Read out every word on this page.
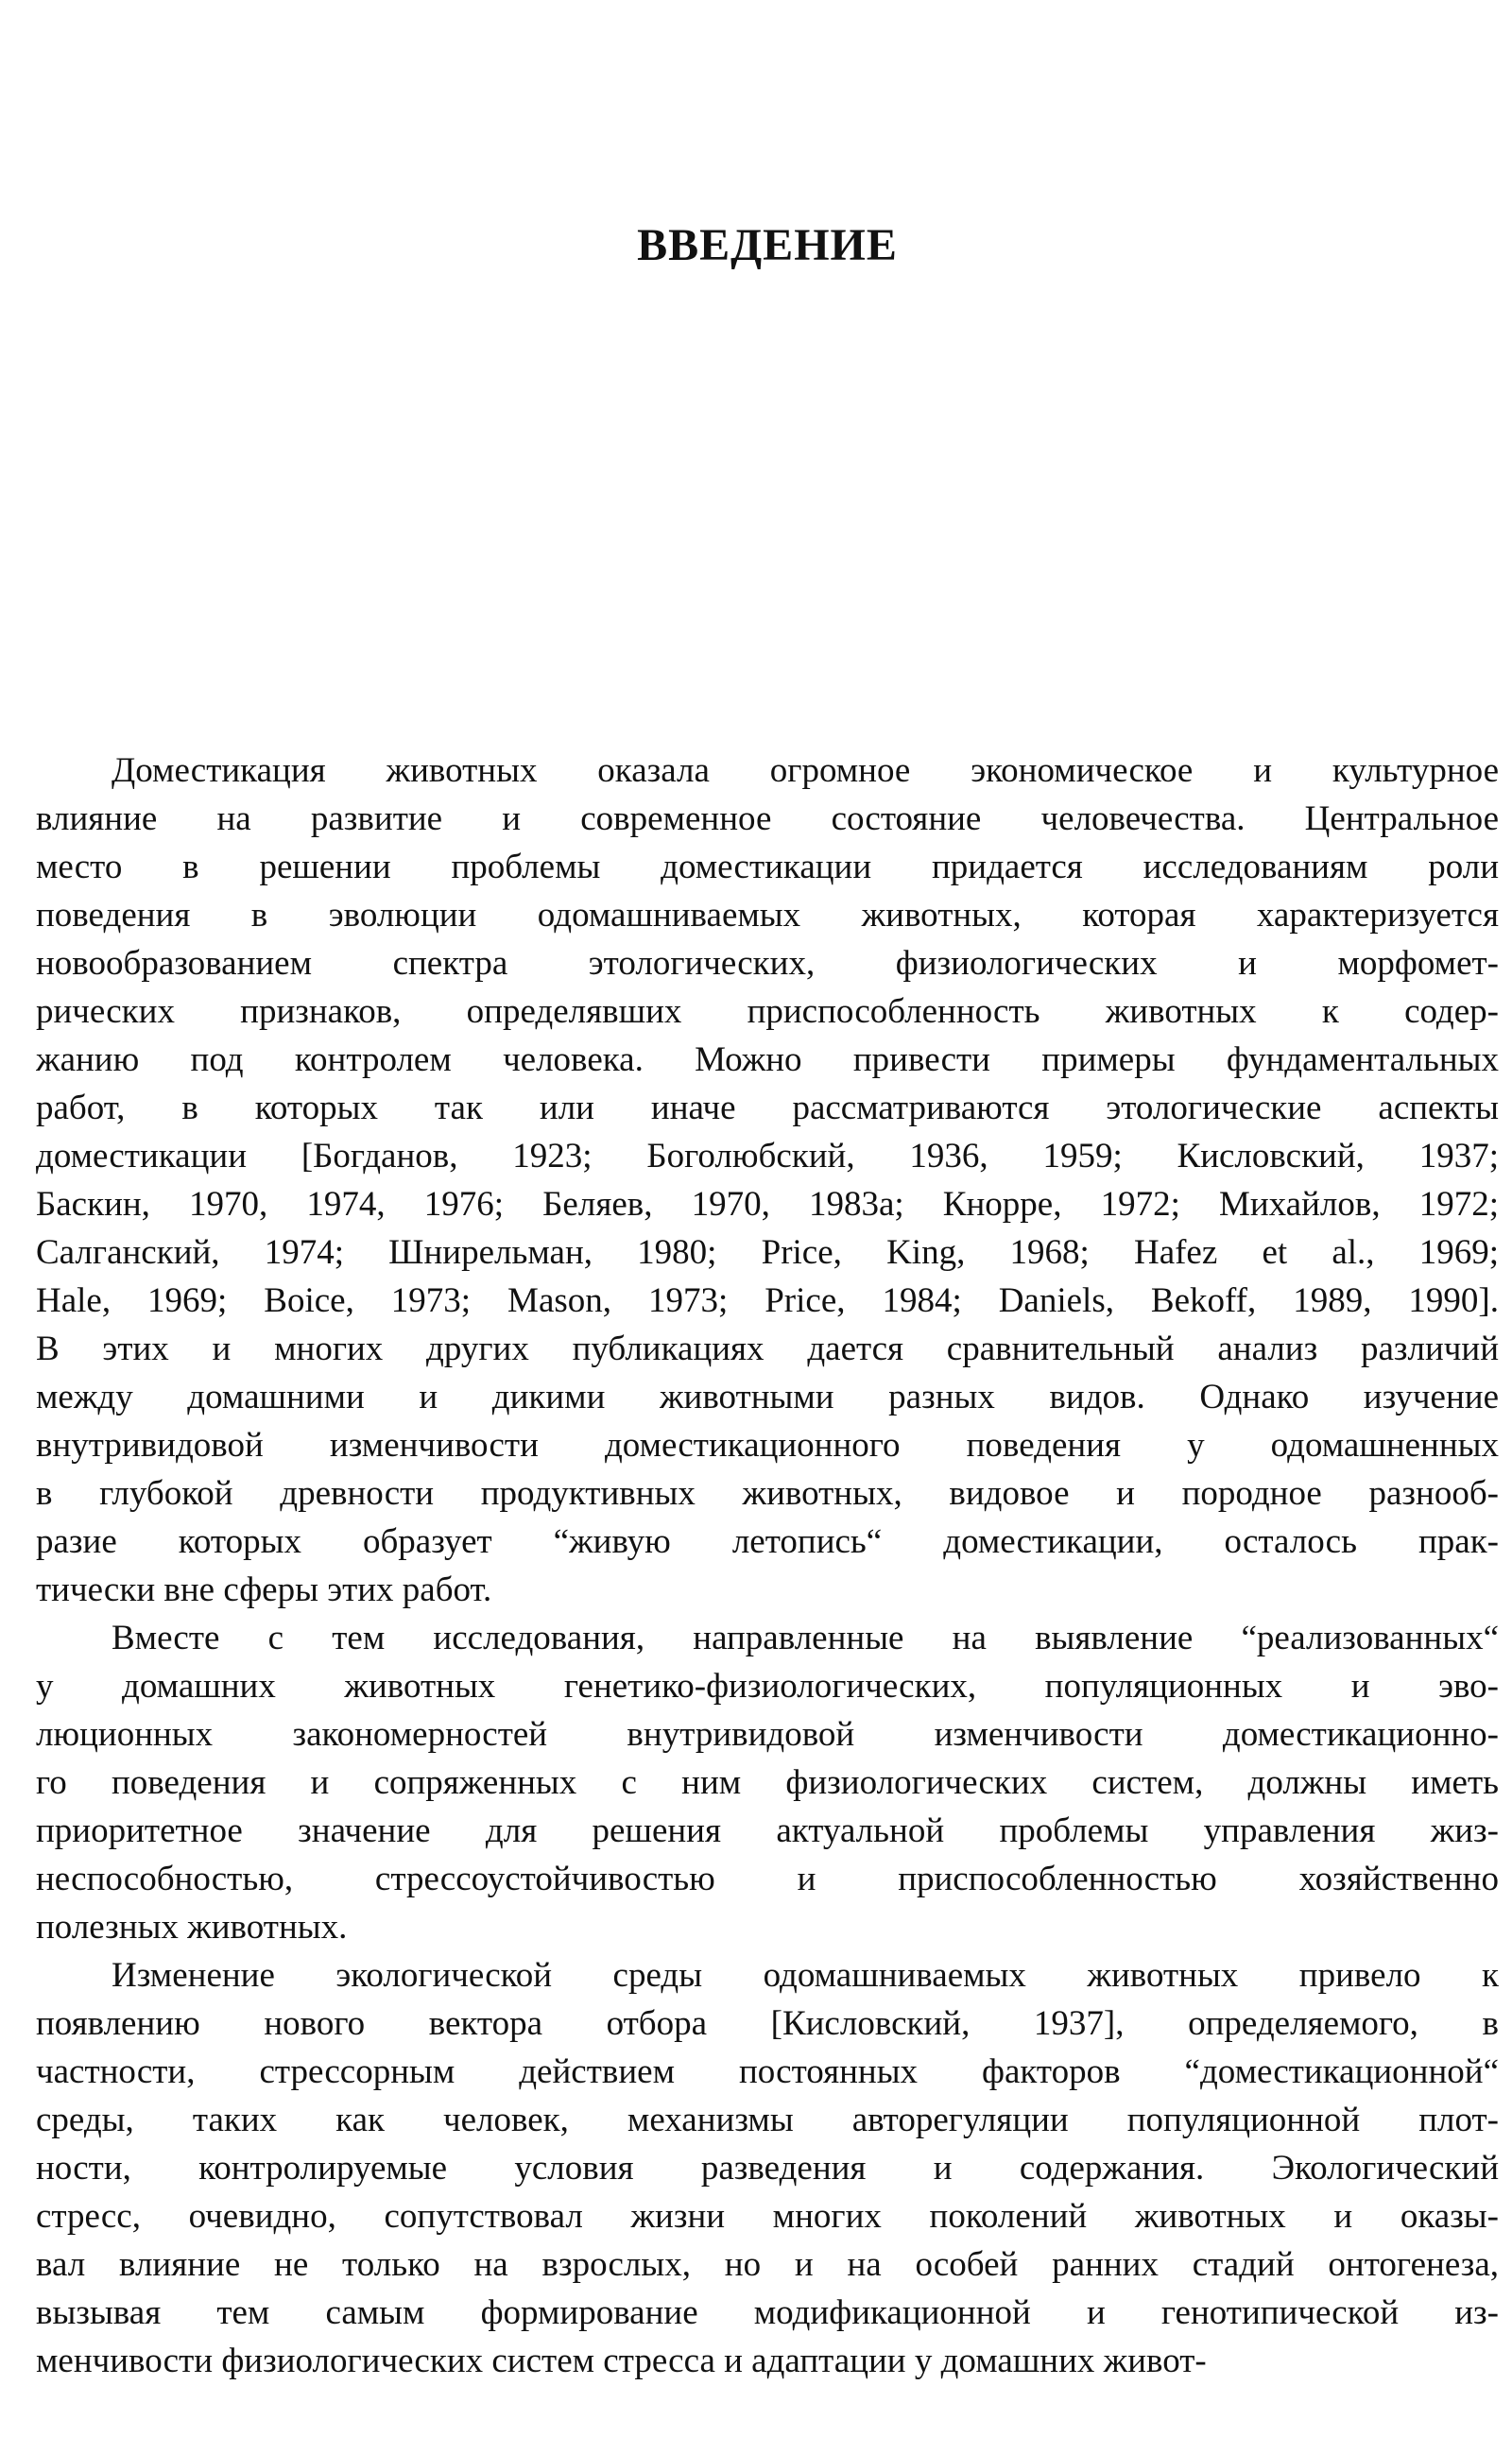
ВВЕДЕНИЕ

Доместикация животных оказала огромное экономическое и культурное
влияние на развитие и современное состояние человечества. Центральное
место в решении проблемы доместикации придается исследованиям роли
поведения в эволюции одомашниваемых животных, которая характеризуется
новообразованием спектра этологических, физиологических и морфомет-
рических признаков, определявших приспособленность животных к содер-
жанию под контролем человека. Можно привести примеры фундаментальных
работ, в которых так или иначе рассматриваются этологические аспекты
доместикации [Богданов, 1923; Боголюбский, 1936, 1959; Кисловский, 1937;
Баскин, 1970, 1974, 1976; Беляев, 1970, 1983а; Кнорре, 1972; Михайлов, 1972;
Салганский, 1974; Шнирельман, 1980; Price, King, 1968; Hafez et al., 1969;
Hale, 1969; Boice, 1973; Mason, 1973; Price, 1984; Daniels, Bekoff, 1989, 1990].
В этих и многих других публикациях дается сравнительный анализ различий
между домашними и дикими животными разных видов. Однако изучение
внутривидовой изменчивости доместикационного поведения у одомашненных
в глубокой древности продуктивных животных, видовое и породное разнооб-
разие которых образует “живую летопись“ доместикации, осталось прак-
тически вне сферы этих работ.

Вместе с тем исследования, направленные на выявление “реализованных“
у домашних животных генетико-физиологических, популяционных и эво-
люционных закономерностей внутривидовой изменчивости доместикационно-
го поведения и сопряженных с ним физиологических систем, должны иметь
приоритетное значение для решения актуальной проблемы управления жиз-
неспособностью, стрессоустойчивостью и приспособленностью хозяйственно
полезных животных.

Изменение экологической среды одомашниваемых животных привело к
появлению нового вектора отбора [Кисловский, 1937], определяемого, в
частности, стрессорным действием постоянных факторов “доместикационной“
среды, таких как человек, механизмы авторегуляции популяционной плот-
ности, контролируемые условия разведения и содержания. Экологический
стресс, очевидно, сопутствовал жизни многих поколений животных и оказы-
вал влияние не только на взрослых, но и на особей ранних стадий онтогенеза,
вызывая тем самым формирование модификационной и генотипической из-
менчивости физиологических систем стресса и адаптации у домашних живот-
